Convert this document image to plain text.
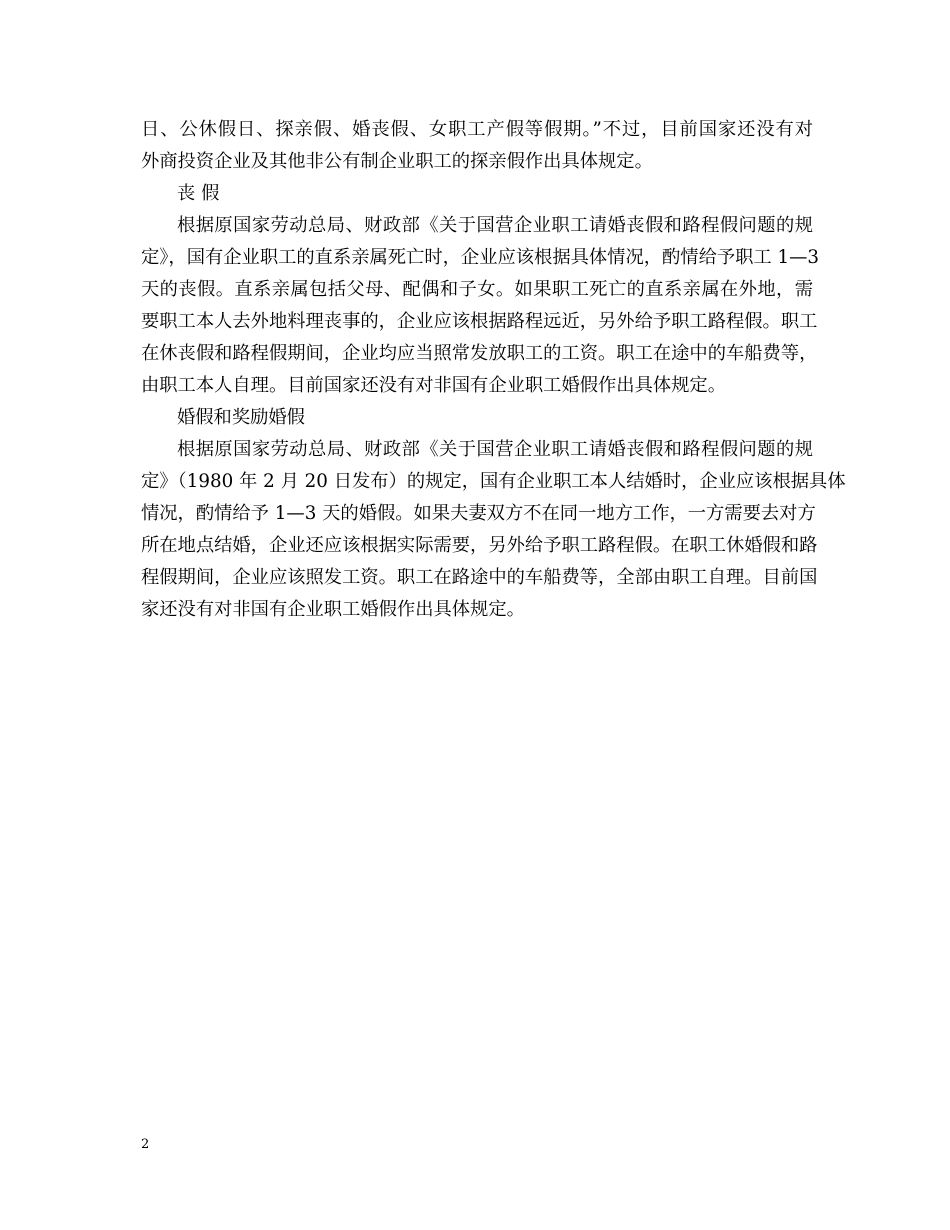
日、公休假日、探亲假、婚丧假、女职工产假等假期。”不过，目前国家还没有对
外商投资企业及其他非公有制企业职工的探亲假作出具体规定。
丧 假
根据原国家劳动总局、财政部《关于国营企业职工请婚丧假和路程假问题的规
定》，国有企业职工的直系亲属死亡时，企业应该根据具体情况，酌情给予职工 1—3
天的丧假。直系亲属包括父母、配偶和子女。如果职工死亡的直系亲属在外地，需
要职工本人去外地料理丧事的，企业应该根据路程远近，另外给予职工路程假。职工
在休丧假和路程假期间，企业均应当照常发放职工的工资。职工在途中的车船费等，
由职工本人自理。目前国家还没有对非国有企业职工婚假作出具体规定。
婚假和奖励婚假
根据原国家劳动总局、财政部《关于国营企业职工请婚丧假和路程假问题的规
定》（1980 年 2 月 20 日发布）的规定，国有企业职工本人结婚时，企业应该根据具体
情况，酌情给予 1—3 天的婚假。如果夫妻双方不在同一地方工作，一方需要去对方
所在地点结婚，企业还应该根据实际需要，另外给予职工路程假。在职工休婚假和路
程假期间，企业应该照发工资。职工在路途中的车船费等，全部由职工自理。目前国
家还没有对非国有企业职工婚假作出具体规定。
2
